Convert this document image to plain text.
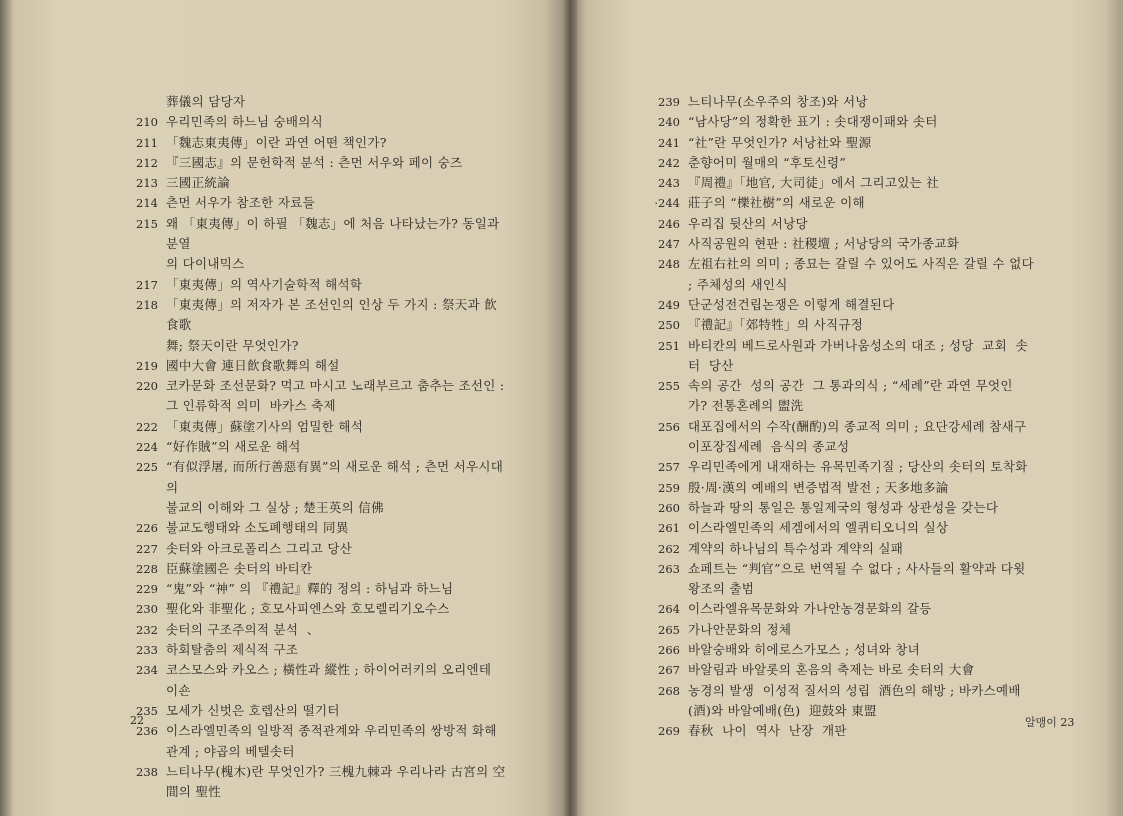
葬儀의 담당자
210 우리민족의 하느님 숭배의식
211 「魏志東夷傳」이란 과연 어떤 책인가?
212 『三國志』의 문헌학적 분석 : 츤먼 서우와 페이 숭즈
213 三國正統論
214 츤먼 서우가 참조한 자료들
215 왜 「東夷傳」이 하필 「魏志」에 처음 나타났는가? 동일과 분열
의 다이내믹스
217 「東夷傳」의 역사기술학적 해석학
218 「東夷傳」의 저자가 본 조선인의 인상 두 가지 : 祭天과 飮食歌
舞; 祭天이란 무엇인가?
219 國中大會 連日飮食歌舞의 해설
220 코카문화 조선문화? 먹고 마시고 노래부르고 춤추는 조선인 :
그 인류학적 의미  바카스 축제
222 「東夷傳」蘇塗기사의 엄밀한 해석
224 “好作賊”의 새로운 해석
225 “有似浮屠, 而所行善惡有異”의 새로운 해석 ; 츤먼 서우시대의
불교의 이해와 그 실상 ; 楚王英의 信佛
226 불교도행태와 소도폐행태의 同異
227 솟터와 아크로폴리스 그리고 당산
228 臣蘇塗國은 솟터의 바티칸
229 “鬼”와 “神” 의 『禮記』釋的 정의 : 하님과 하느님
230 聖化와 非聖化 ; 호모사피엔스와 호모렐리기오수스
232 솟터의 구조주의적 분석  、
233 하회탈춤의 제식적 구조
234 코스모스와 카오스 ; 橫性과 縱性 ; 하이어러키의 오리엔테
이숀
235 모세가 신벗은 호렙산의 떨기터
236 이스라엘민족의 일방적 종적관계와 우리민족의 쌍방적 화해
관계 ; 야곱의 베텔솟터
238 느티나무(槐木)란 무엇인가? 三槐九棘과 우리나라 古宮의 空
間의 聖性
22
239 느티나무(소우주의 창조)와 서낭
240 “남사당”의 정확한 표기 : 솟대쟁이패와 솟터
241 “社”란 무엇인가? 서낭社와 聖源
242 춘향어미 월매의 “후토신령”
243 『周禮』「地官, 大司徒」에서 그리고있는 社
·244 莊子의 “櫟社樹”의 새로운 이해
246 우리집 뒷산의 서낭당
247 사직공원의 현판 : 社稷壇 ; 서낭당의 국가종교화
248 左祖右社의 의미 ; 종묘는 갈릴 수 있어도 사직은 갈릴 수 없다
; 주체성의 새인식
249 단군성전건립논쟁은 이렇게 해결된다
250 『禮記』「郊特牲」의 사직규정
251 바티칸의 베드로사원과 가버나움성소의 대조 ; 성당  교회  솟
터  당산
255 속의 공간  성의 공간  그 통과의식 ; “세례”란 과연 무엇인
가? 전통혼례의 盥洗
256 대포집에서의 수작(酬酌)의 종교적 의미 ; 요단강세례 참새구
이포장집세례  음식의 종교성
257 우리민족에게 내재하는 유목민족기질 ; 당산의 솟터의 토착화
259 殷·周·漢의 예배의 변증법적 발전 ; 天多地多論
260 하늘과 땅의 통일은 통일제국의 형성과 상관성을 갖는다
261 이스라엘민족의 세겜에서의 엘퀴티오니의 실상
262 계약의 하나님의 특수성과 계약의 실패
263 쇼페트는 “判官”으로 번역될 수 없다 ; 사사들의 활약과 다윗
왕조의 출범
264 이스라엘유목문화와 가나안농경문화의 갈등
265 가나안문화의 정체
266 바알숭배와 히에로스가모스 ; 성녀와 창녀
267 바알림과 바알롯의 혼음의 축제는 바로 솟터의 大會
268 농경의 발생  이성적 질서의 성립  酒色의 해방 ; 바카스예배
(酒)와 바알예배(色)  迎鼓와 東盟
269 春秋  나이  역사  난장  개판
알맹이 23
